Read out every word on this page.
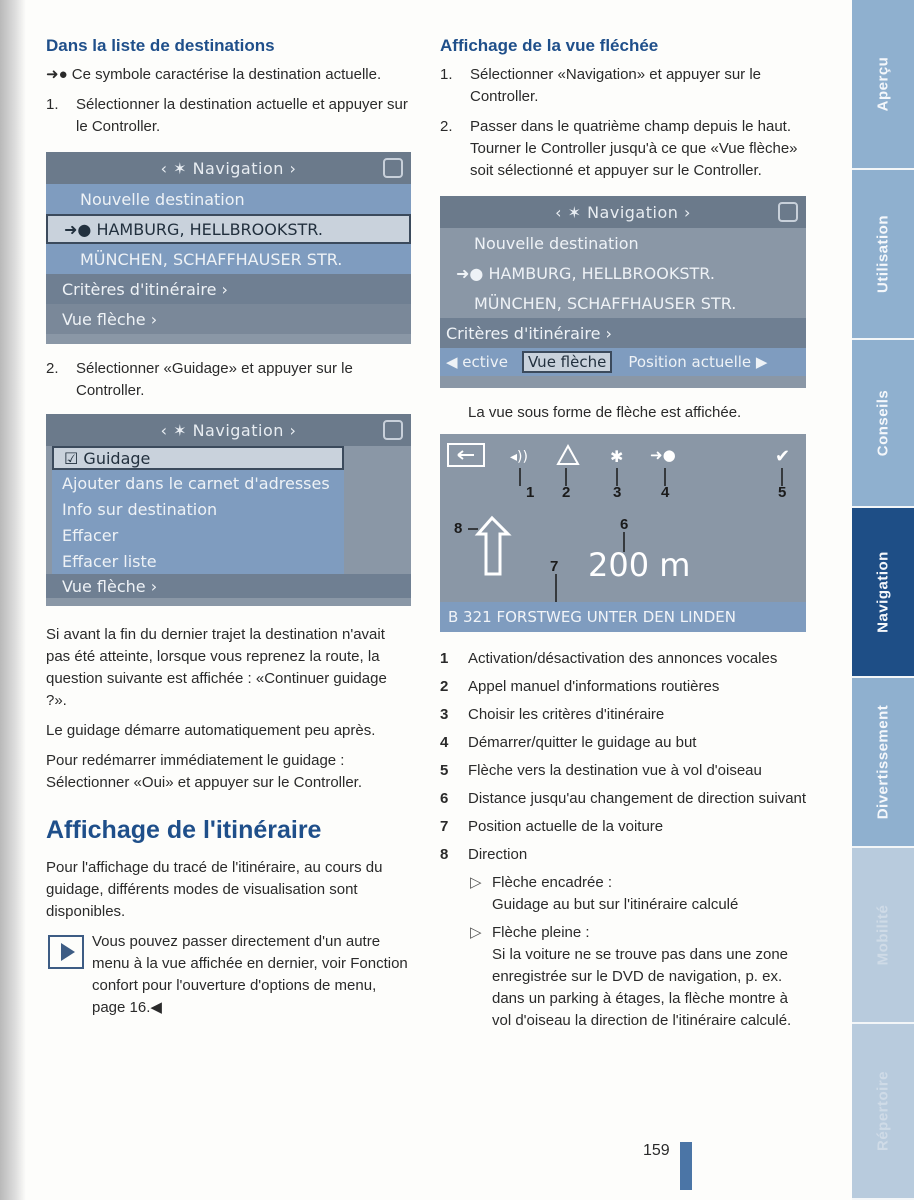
Dans la liste de destinations

➜● Ce symbole caractérise la destination actuelle.

1. Sélectionner la destination actuelle et appuyer sur le Controller.
‹ ✶ Navigation ›
Nouvelle destination
➜● HAMBURG, HELLBROOKSTR.
MÜNCHEN, SCHAFFHAUSER STR.
Critères d'itinéraire ›
Vue flèche ›
2. Sélectionner «Guidage» et appuyer sur le Controller.
‹ ✶ Navigation ›
☑ Guidage
Ajouter dans le carnet d'adresses
Info sur destination
Effacer
Effacer liste
Vue flèche ›

Si avant la fin du dernier trajet la destination n'avait pas été atteinte, lorsque vous reprenez la route, la question suivante est affichée : «Continuer guidage ?».

Le guidage démarre automatiquement peu après.

Pour redémarrer immédiatement le guidage : Sélectionner «Oui» et appuyer sur le Controller.

Affichage de l'itinéraire

Pour l'affichage du tracé de l'itinéraire, au cours du guidage, différents modes de visualisation sont disponibles.

Vous pouvez passer directement d'un autre menu à la vue affichée en dernier, voir Fonction confort pour l'ouverture d'options de menu, page 16.◀

Affichage de la vue fléchée
1. Sélectionner «Navigation» et appuyer sur le Controller.
2. Passer dans le quatrième champ depuis le haut. Tourner le Controller jusqu'à ce que «Vue flèche» soit sélectionné et appuyer sur le Controller.
‹ ✶ Navigation ›
Nouvelle destination
➜● HAMBURG, HELLBROOKSTR.
MÜNCHEN, SCHAFFHAUSER STR.
Critères d'itinéraire ›
◀ ective	Vue flèche	Position actuelle ▶

La vue sous forme de flèche est affichée.

◂))	✱ ➜●	✔
1 2	3	4	5
6
7
8
200 m
B 321 FORSTWEG UNTER DEN LINDEN
1 Activation/désactivation des annonces vocales
2 Appel manuel d'informations routières
3 Choisir les critères d'itinéraire
4 Démarrer/quitter le guidage au but
5 Flèche vers la destination vue à vol d'oiseau
6 Distance jusqu'au changement de direction suivant
7 Position actuelle de la voiture
8 Direction
▷ Flèche encadrée :
Guidage au but sur l'itinéraire calculé
▷ Flèche pleine :
Si la voiture ne se trouve pas dans une zone enregistrée sur le DVD de navigation, p. ex. dans un parking à étages, la flèche montre à vol d'oiseau la direction de l'itinéraire calculé.
159
Aperçu
Utilisation
Conseils
Navigation
Divertissement
Mobilité
Répertoire
